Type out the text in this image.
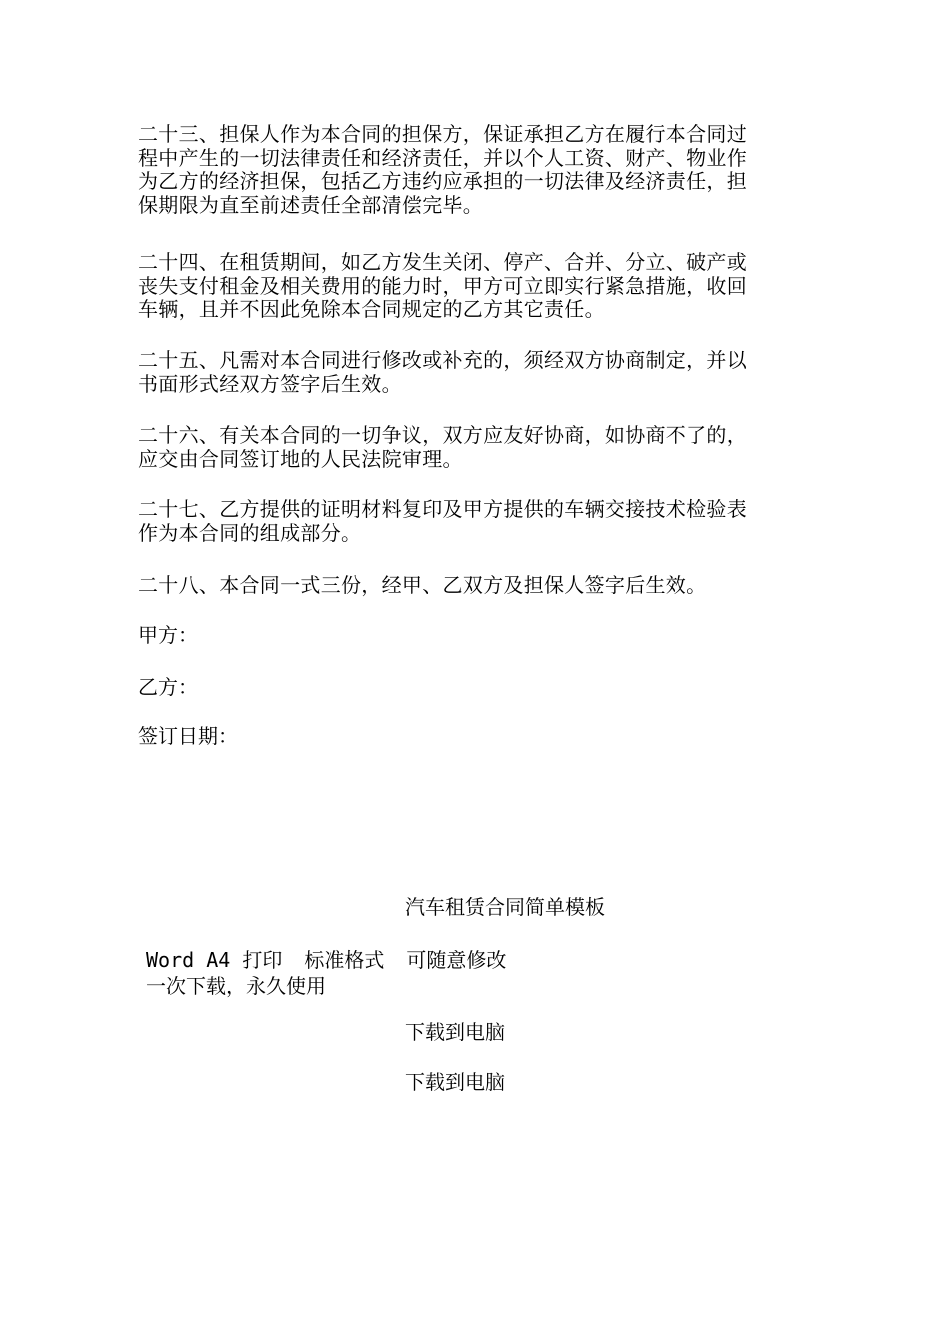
二十三、担保人作为本合同的担保方，保证承担乙方在履行本合同过
程中产生的一切法律责任和经济责任，并以个人工资、财产、物业作
为乙方的经济担保，包括乙方违约应承担的一切法律及经济责任，担
保期限为直至前述责任全部清偿完毕。
二十四、在租赁期间，如乙方发生关闭、停产、合并、分立、破产或
丧失支付租金及相关费用的能力时，甲方可立即实行紧急措施，收回
车辆，且并不因此免除本合同规定的乙方其它责任。
二十五、凡需对本合同进行修改或补充的，须经双方协商制定，并以
书面形式经双方签字后生效。
二十六、有关本合同的一切争议，双方应友好协商，如协商不了的，
应交由合同签订地的人民法院审理。
二十七、乙方提供的证明材料复印及甲方提供的车辆交接技术检验表
作为本合同的组成部分。
二十八、本合同一式三份，经甲、乙双方及担保人签字后生效。
甲方：
乙方：
签订日期：
汽车租赁合同简单模板
Word A4 打印 标准格式 可随意修改
一次下载，永久使用
下载到电脑
下载到电脑
